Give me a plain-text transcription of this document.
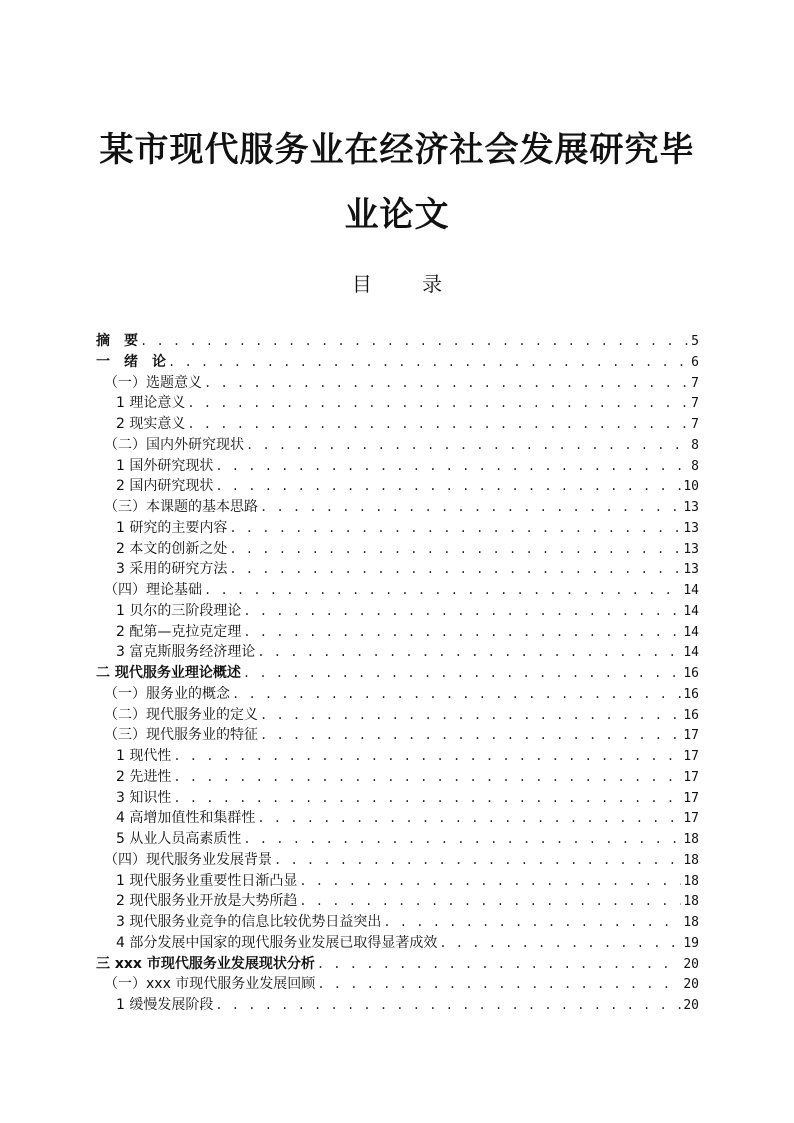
某市现代服务业在经济社会发展研究毕
业论文
目 录
摘　要 . . .	5
一　绪　论 . . .	6
（一）选题意义 . . .	7
1 理论意义 . . .	7
2 现实意义 . . .	7
（二）国内外研究现状 . . .	8
1 国外研究现状 . . .	8
2 国内研究现状 . . .	10
（三）本课题的基本思路 . . .	13
1 研究的主要内容 . . .	13
2 本文的创新之处 . . .	13
3 采用的研究方法 . . .	13
（四）理论基础 . . .	14
1 贝尔的三阶段理论 . . .	14
2 配第—克拉克定理 . . .	14
3 富克斯服务经济理论 . . .	14
二 现代服务业理论概述 . . .	16
（一）服务业的概念 . . .	16
（二）现代服务业的定义 . . .	16
（三）现代服务业的特征 . . .	17
1 现代性 . . .	17
2 先进性 . . .	17
3 知识性 . . .	17
4 高增加值性和集群性 . . .	17
5 从业人员高素质性 . . .	18
（四）现代服务业发展背景 . . .	18
1 现代服务业重要性日渐凸显 . . .	18
2 现代服务业开放是大势所趋 . . .	18
3 现代服务业竞争的信息比较优势日益突出 . . .	18
4 部分发展中国家的现代服务业发展已取得显著成效 . . .	19
三 xxx 市现代服务业发展现状分析 . . .	20
（一）xxx 市现代服务业发展回顾 . . .	20
1 缓慢发展阶段 . . .	20
